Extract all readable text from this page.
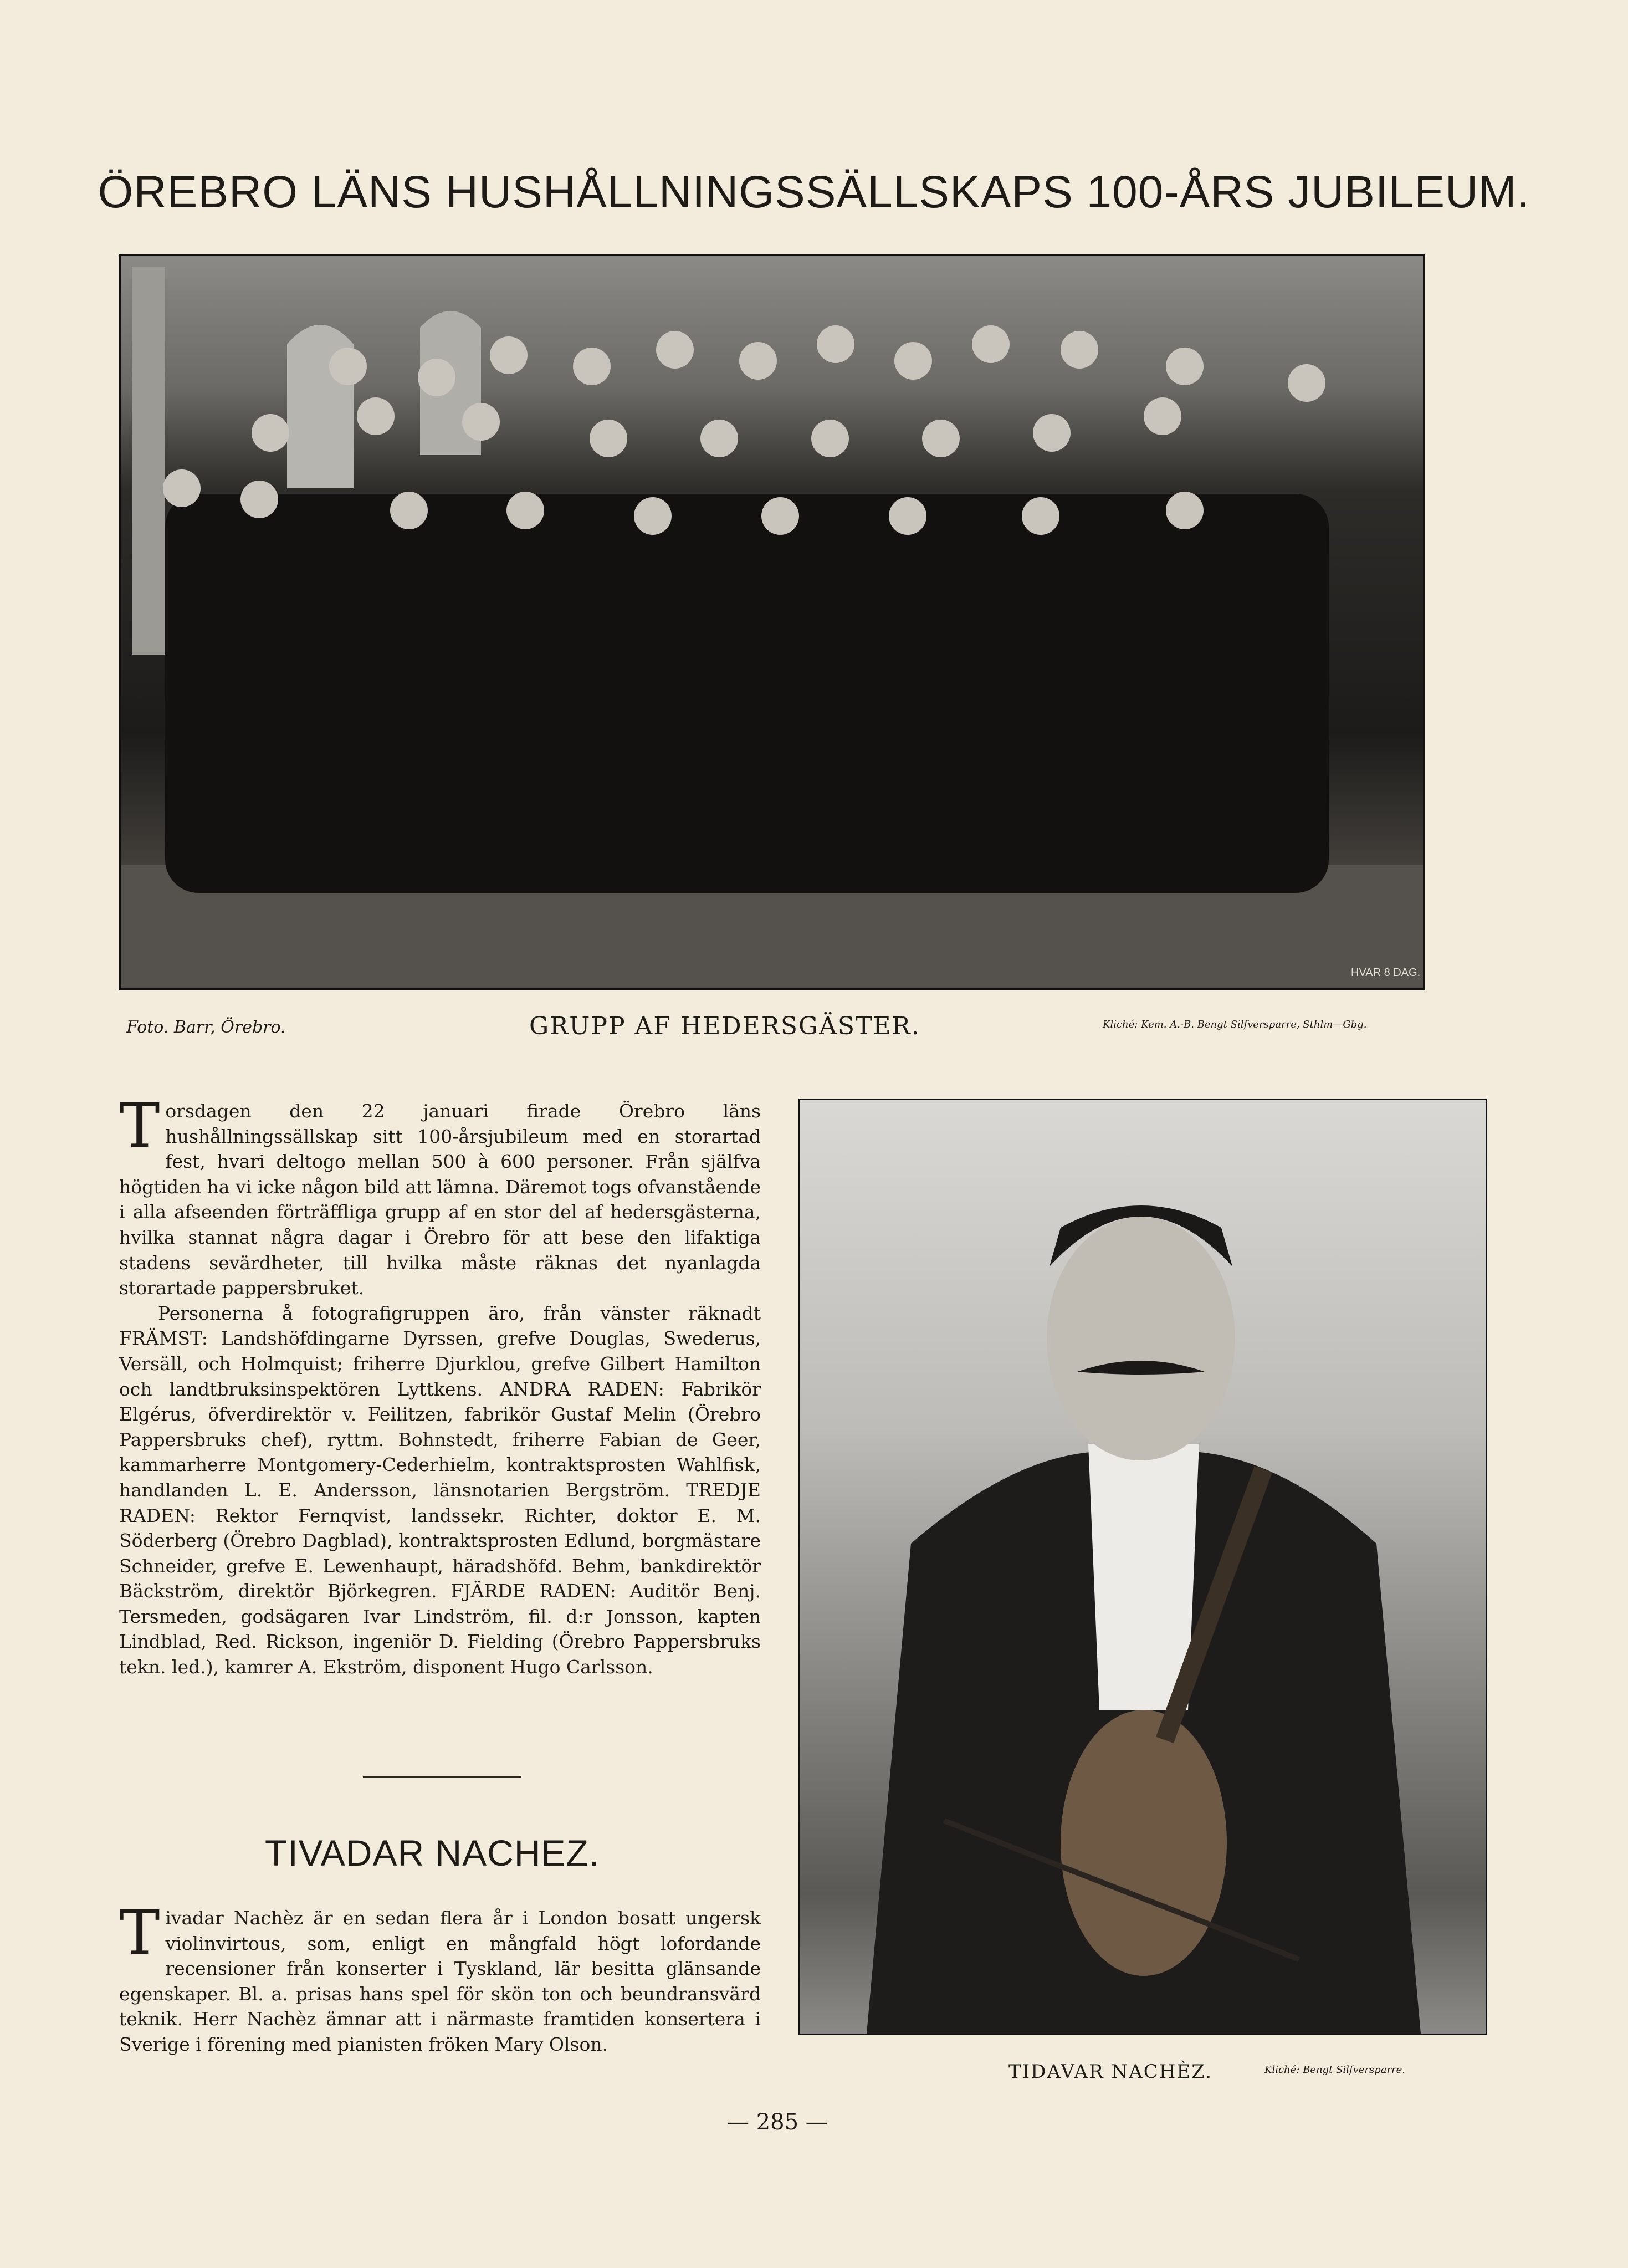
ÖREBRO LÄNS HUSHÅLLNINGSSÄLLSKAPS 100-ÅRS JUBILEUM.
HVAR 8 DAG.
Foto. Barr, Örebro.	GRUPP AF HEDERSGÄSTER.	Kliché: Kem. A.-B. Bengt Silfversparre, Sthlm—Gbg.

Torsdagen den 22 januari firade Örebro läns hushållningssällskap sitt 100-årsjubileum med en storartad fest, hvari deltogo mellan 500 à 600 personer. Från själfva högtiden ha vi icke någon bild att lämna. Däremot togs ofvanstående i alla afseenden förträffliga grupp af en stor del af hedersgästerna, hvilka stannat några dagar i Örebro för att bese den lifaktiga stadens sevärdheter, till hvilka måste räknas det nyanlagda storartade pappersbruket.

Personerna å fotografigruppen äro, från vänster räknadt FRÄMST: Landshöfdingarne Dyrssen, grefve Douglas, Swederus, Versäll, och Holmquist; friherre Djurklou, grefve Gilbert Hamilton och landtbruksinspektören Lyttkens. ANDRA RADEN: Fabrikör Elgérus, öfverdirektör v. Feilitzen, fabrikör Gustaf Melin (Örebro Pappersbruks chef), ryttm. Bohnstedt, friherre Fabian de Geer, kammarherre Montgomery-Cederhielm, kontraktsprosten Wahlfisk, handlanden L. E. Andersson, länsnotarien Bergström. TREDJE RADEN: Rektor Fernqvist, landssekr. Richter, doktor E. M. Söderberg (Örebro Dagblad), kontraktsprosten Edlund, borgmästare Schneider, grefve E. Lewenhaupt, häradshöfd. Behm, bankdirektör Bäckström, direktör Björkegren. FJÄRDE RADEN: Auditör Benj. Tersmeden, godsägaren Ivar Lindström, fil. d:r Jonsson, kapten Lindblad, Red. Rickson, ingeniör D. Fielding (Örebro Pappersbruks tekn. led.), kamrer A. Ekström, disponent Hugo Carlsson.

TIVADAR NACHEZ.

Tivadar Nachèz är en sedan flera år i London bosatt ungersk violinvirtous, som, enligt en mångfald högt lofordande recensioner från konserter i Tyskland, lär besitta glänsande egenskaper. Bl. a. prisas hans spel för skön ton och beundransvärd teknik. Herr Nachèz ämnar att i närmaste framtiden konsertera i Sverige i förening med pianisten fröken Mary Olson.

TIDAVAR NACHÈZ.	Kliché: Bengt Silfversparre.
— 285 —
